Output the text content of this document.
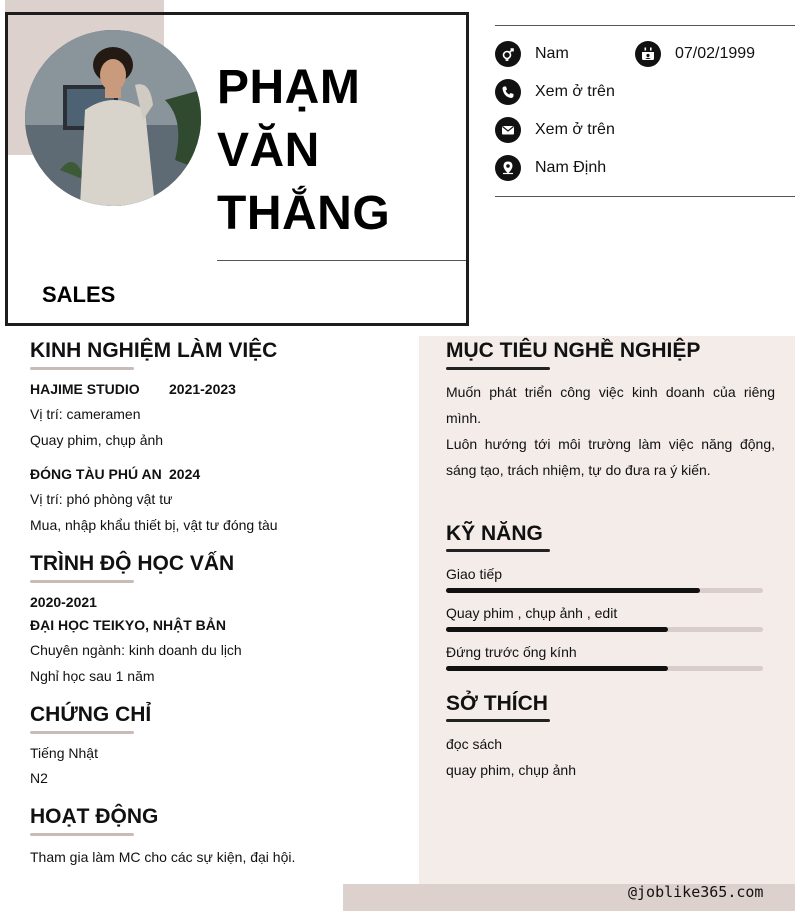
PHẠM
VĂN
THẮNG
SALES
Nam	07/02/1999
Xem ở trên
Xem ở trên
Nam Định
KINH NGHIỆM LÀM VIỆC
HAJIME STUDIO 2021-2023
Vị trí: cameramen
Quay phim, chụp ảnh
ĐÓNG TÀU PHÚ AN 2024
Vị trí: phó phòng vật tư
Mua, nhập khẩu thiết bị, vật tư đóng tàu
TRÌNH ĐỘ HỌC VẤN
2020-2021
ĐẠI HỌC TEIKYO, NHẬT BẢN
Chuyên ngành: kinh doanh du lịch
Nghỉ học sau 1 năm
CHỨNG CHỈ
Tiếng Nhật
N2
HOẠT ĐỘNG
Tham gia làm MC cho các sự kiện, đại hội.
MỤC TIÊU NGHỀ NGHIỆP
Muốn phát triển công việc kinh doanh của riêng mình.
Luôn hướng tới môi trường làm việc năng động, sáng tạo, trách nhiệm, tự do đưa ra ý kiến.
KỸ NĂNG
Giao tiếp
Quay phim , chụp ảnh , edit
Đứng trước ống kính
SỞ THÍCH
đọc sách
quay phim, chụp ảnh
@joblike365.com
